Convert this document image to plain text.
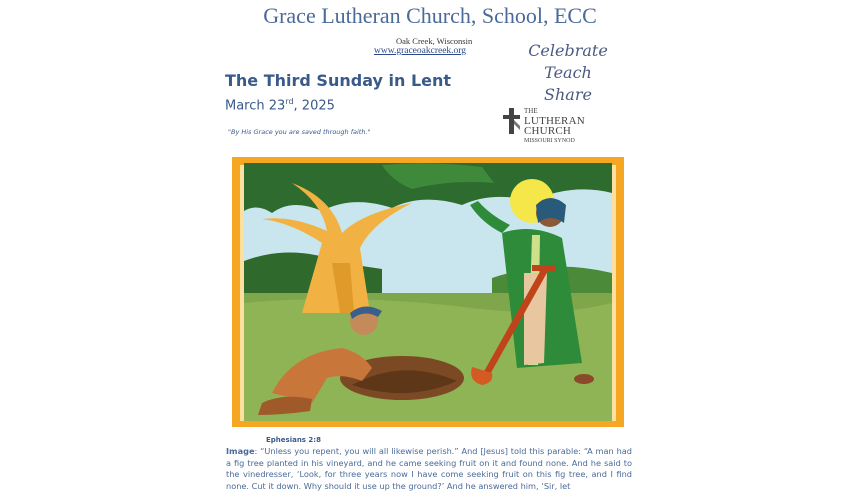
Grace Lutheran Church, School, ECC
Oak Creek, Wisconsin
www.graceoakcreek.org	Celebrate
Teach
Share
The Third Sunday in Lent
March 23rd, 2025
"By His Grace you are saved through faith."
THE
LUTHERAN CHURCH
MISSOURI SYNOD
Ephesians 2:8
Image: “Unless you repent, you will all likewise perish.” And [Jesus] told this parable: “A man had a fig tree planted in his vineyard, and he came seeking fruit on it and found none. And he said to the vinedresser, ‘Look, for three years now I have come seeking fruit on this fig tree, and I find none. Cut it down. Why should it use up the ground?’ And he answered him, ‘Sir, let
